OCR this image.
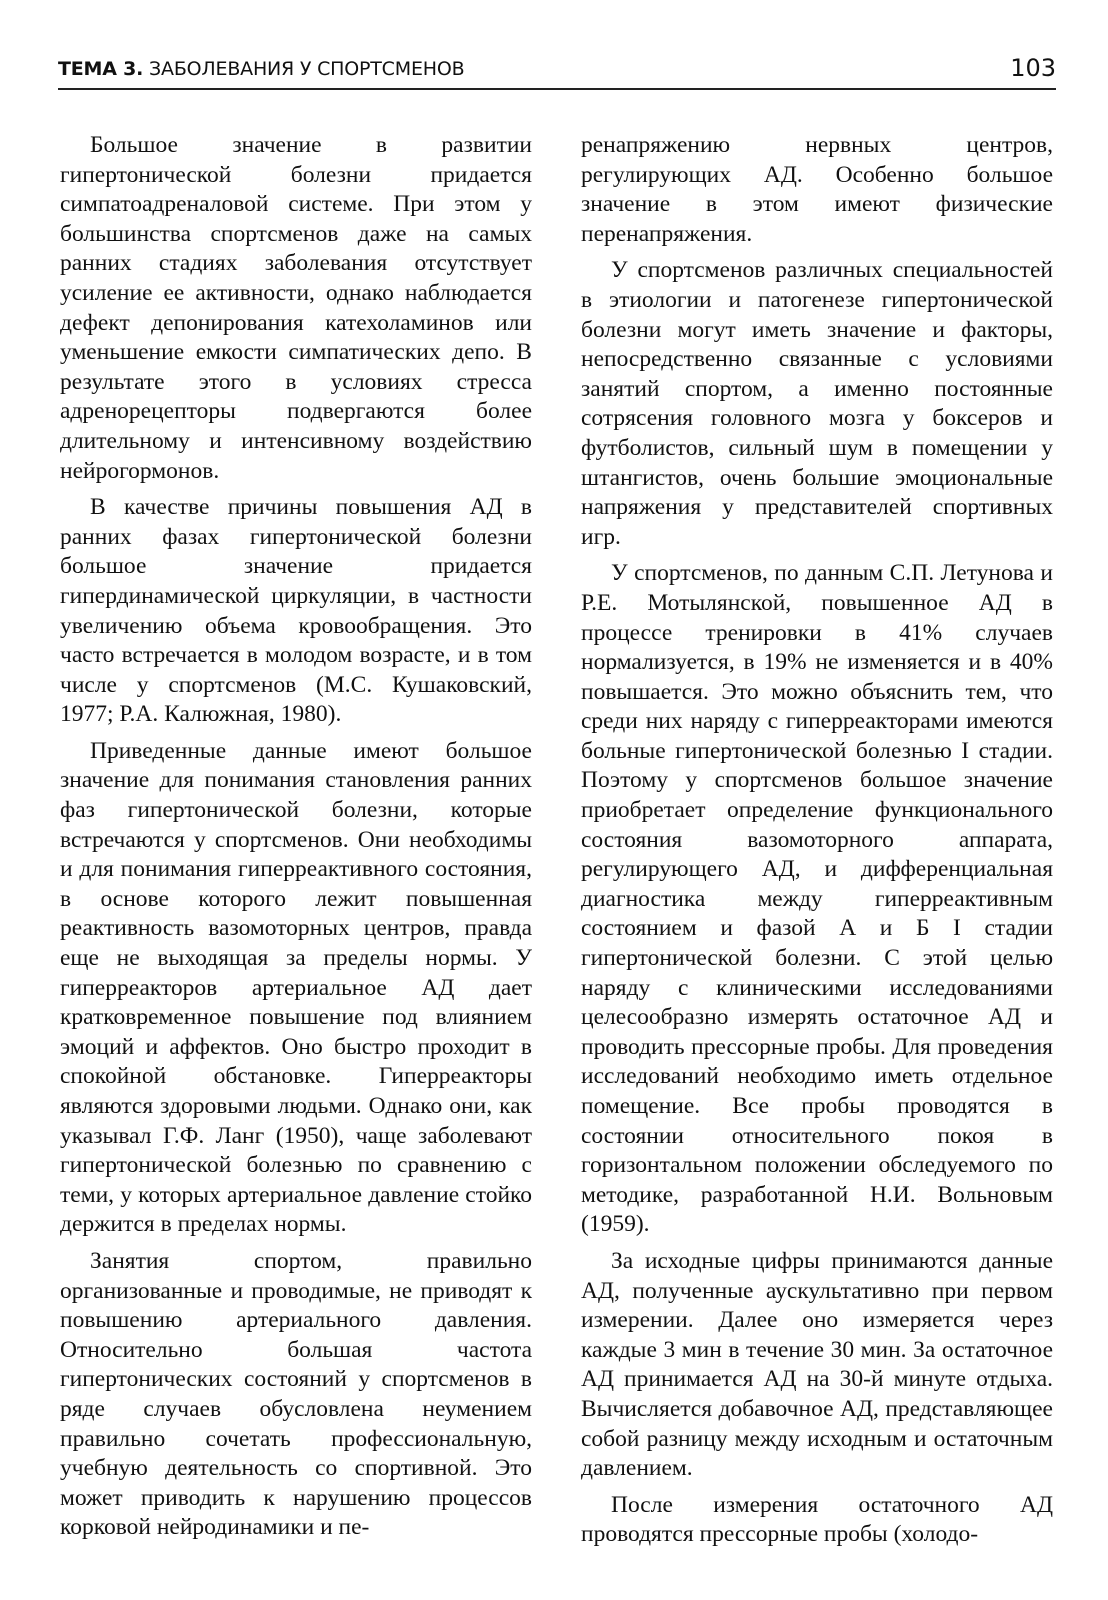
ТЕМА 3. ЗАБОЛЕВАНИЯ У СПОРТСМЕНОВ	103

Большое значение в развитии гипертонической болезни придается симпатоадреналовой системе. При этом у большинства спортсменов даже на самых ранних стадиях заболевания отсутствует усиление ее активности, однако наблюдается дефект депонирования катехоламинов или уменьшение емкости симпатических депо. В результате этого в условиях стресса адренорецепторы подвергаются более длительному и интенсивному воздействию нейрогормонов.

В качестве причины повышения АД в ранних фазах гипертонической болезни большое значение придается гипердинамической циркуляции, в частности увеличению объема кровообращения. Это часто встречается в молодом возрасте, и в том числе у спортсменов (М.С. Кушаковский, 1977; Р.А. Калюжная, 1980).

Приведенные данные имеют большое значение для понимания становления ранних фаз гипертонической болезни, которые встречаются у спортсменов. Они необходимы и для понимания гиперреактивного состояния, в основе которого лежит повышенная реактивность вазомоторных центров, правда еще не выходящая за пределы нормы. У гиперреакторов артериальное АД дает кратковременное повышение под влиянием эмоций и аффектов. Оно быстро проходит в спокойной обстановке. Гиперреакторы являются здоровыми людьми. Однако они, как указывал Г.Ф. Ланг (1950), чаще заболевают гипертонической болезнью по сравнению с теми, у которых артериальное давление стойко держится в пределах нормы.

Занятия спортом, правильно организованные и проводимые, не приводят к повышению артериального давления. Относительно большая частота гипертонических состояний у спортсменов в ряде случаев обусловлена неумением правильно сочетать профессиональную, учебную деятельность со спортивной. Это может приводить к нарушению процессов корковой нейродинамики и пе-

ренапряжению нервных центров, регулирующих АД. Особенно большое значение в этом имеют физические перенапряжения.

У спортсменов различных специальностей в этиологии и патогенезе гипертонической болезни могут иметь значение и факторы, непосредственно связанные с условиями занятий спортом, а именно постоянные сотрясения головного мозга у боксеров и футболистов, сильный шум в помещении у штангистов, очень большие эмоциональные напряжения у представителей спортивных игр.

У спортсменов, по данным С.П. Летунова и Р.Е. Мотылянской, повышенное АД в процессе тренировки в 41% случаев нормализуется, в 19% не изменяется и в 40% повышается. Это можно объяснить тем, что среди них наряду с гиперреакторами имеются больные гипертонической болезнью I стадии. Поэтому у спортсменов большое значение приобретает определение функционального состояния вазомоторного аппарата, регулирующего АД, и дифференциальная диагностика между гиперреактивным состоянием и фазой А и Б I стадии гипертонической болезни. С этой целью наряду с клиническими исследованиями целесообразно измерять остаточное АД и проводить прессорные пробы. Для проведения исследований необходимо иметь отдельное помещение. Все пробы проводятся в состоянии относительного покоя в горизонтальном положении обследуемого по методике, разработанной Н.И. Вольновым (1959).

За исходные цифры принимаются данные АД, полученные аускультативно при первом измерении. Далее оно измеряется через каждые 3 мин в течение 30 мин. За остаточное АД принимается АД на 30-й минуте отдыха. Вычисляется добавочное АД, представляющее собой разницу между исходным и остаточным давлением.

После измерения остаточного АД проводятся прессорные пробы (холодо-
